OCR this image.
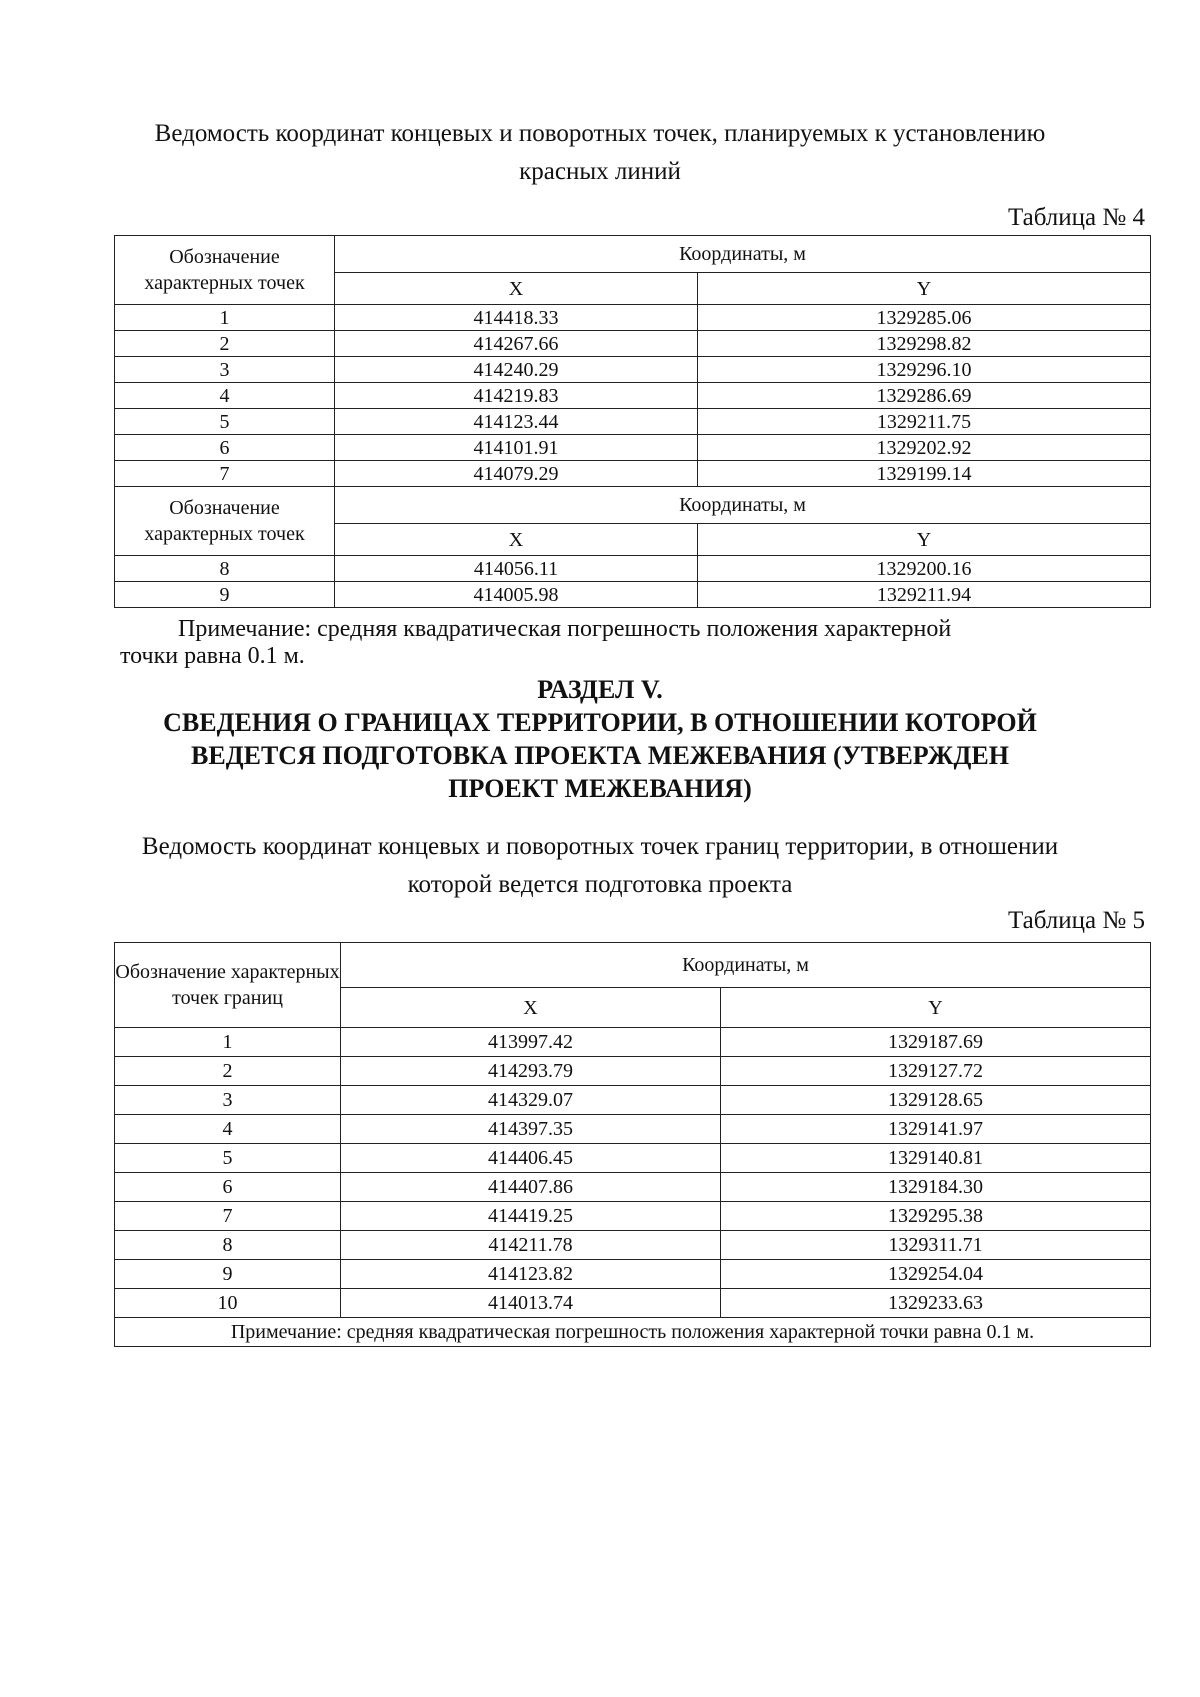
Ведомость координат концевых и поворотных точек, планируемых к установлению
красных линий
Таблица № 4
Обозначение характерных точек	Координаты, м	
	X	Y
1	414418.33	1329285.06
2	414267.66	1329298.82
3	414240.29	1329296.10
4	414219.83	1329286.69
5	414123.44	1329211.75
6	414101.91	1329202.92
7	414079.29	1329199.14
Обозначение характерных точек	Координаты, м	
	X	Y
8	414056.11	1329200.16
9	414005.98	1329211.94
Примечание: средняя квадратическая погрешность положения характерной
точки равна 0.1 м.
РАЗДЕЛ V.
СВЕДЕНИЯ О ГРАНИЦАХ ТЕРРИТОРИИ, В ОТНОШЕНИИ КОТОРОЙ
ВЕДЕТСЯ ПОДГОТОВКА ПРОЕКТА МЕЖЕВАНИЯ (УТВЕРЖДЕН
ПРОЕКТ МЕЖЕВАНИЯ)
Ведомость координат концевых и поворотных точек границ территории, в отношении
которой ведется подготовка проекта
Таблица № 5
Обозначение характерных точек границ	Координаты, м	
	X	Y
1	413997.42	1329187.69
2	414293.79	1329127.72
3	414329.07	1329128.65
4	414397.35	1329141.97
5	414406.45	1329140.81
6	414407.86	1329184.30
7	414419.25	1329295.38
8	414211.78	1329311.71
9	414123.82	1329254.04
10	414013.74	1329233.63
Примечание: средняя квадратическая погрешность положения характерной точки равна 0.1 м.		
